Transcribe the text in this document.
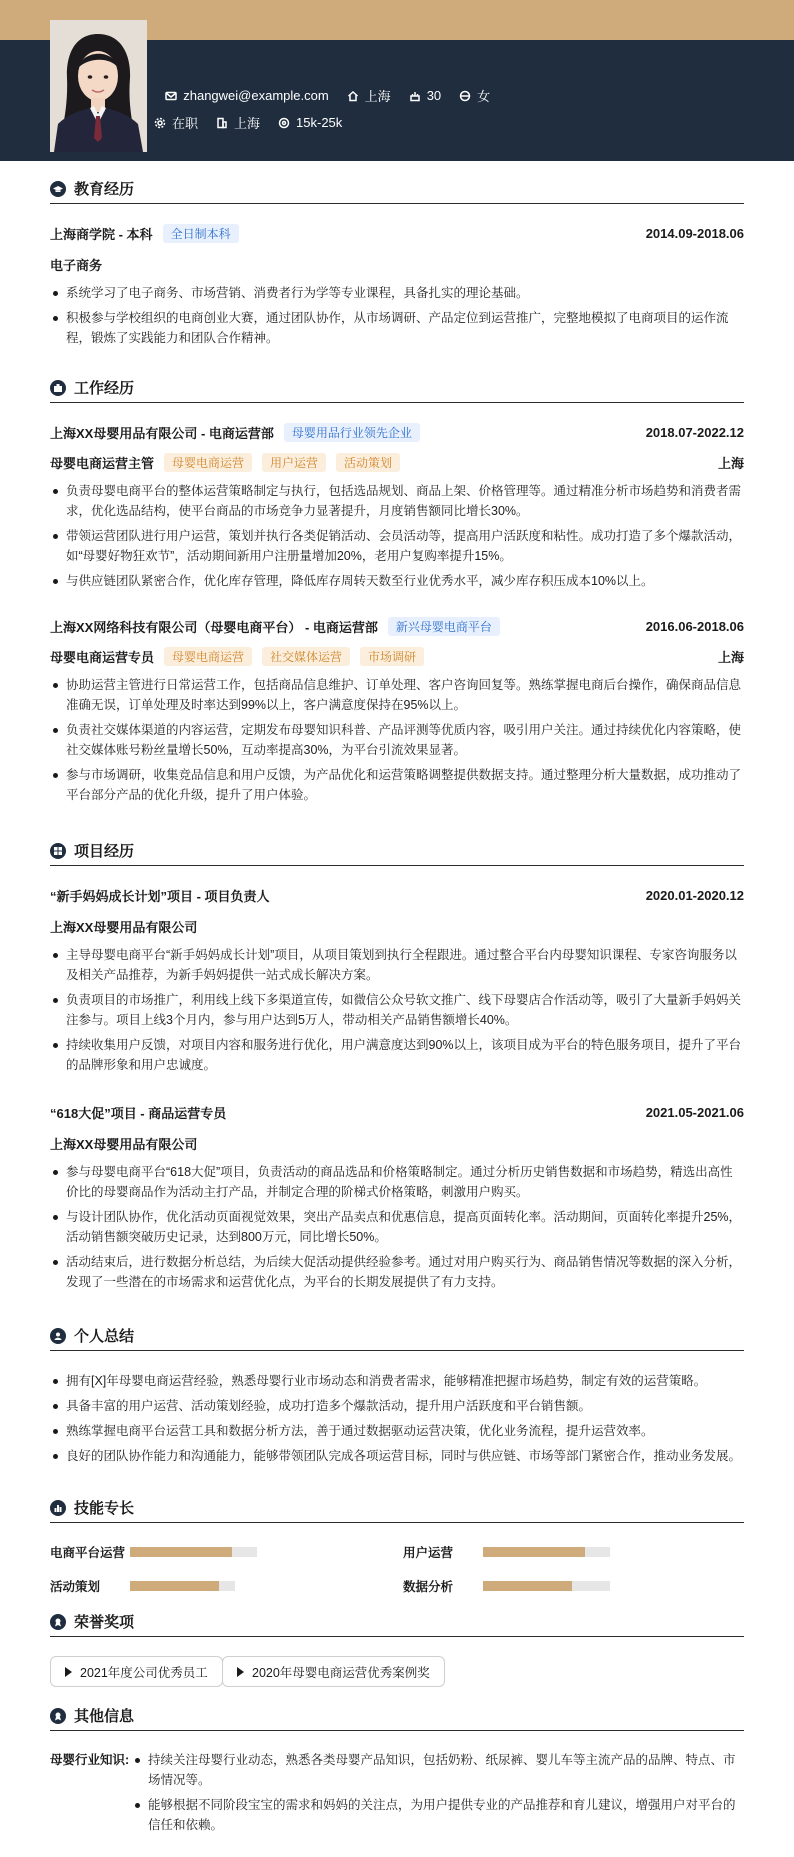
zhangwei@example.com	上海	30	女
在职	上海	15k-25k
教育经历
上海商学院 - 本科	全日制本科	2014.09-2018.06
电子商务
系统学习了电子商务、市场营销、消费者行为学等专业课程，具备扎实的理论基础。
积极参与学校组织的电商创业大赛，通过团队协作，从市场调研、产品定位到运营推广，完整地模拟了电商项目的运作流程，锻炼了实践能力和团队合作精神。
工作经历
上海XX母婴用品有限公司 - 电商运营部	母婴用品行业领先企业	2018.07-2022.12
母婴电商运营主管	母婴电商运营	用户运营	活动策划	上海
负责母婴电商平台的整体运营策略制定与执行，包括选品规划、商品上架、价格管理等。通过精准分析市场趋势和消费者需求，优化选品结构，使平台商品的市场竞争力显著提升，月度销售额同比增长30%。
带领运营团队进行用户运营，策划并执行各类促销活动、会员活动等，提高用户活跃度和粘性。成功打造了多个爆款活动，如“母婴好物狂欢节”，活动期间新用户注册量增加20%，老用户复购率提升15%。
与供应链团队紧密合作，优化库存管理，降低库存周转天数至行业优秀水平，减少库存积压成本10%以上。
上海XX网络科技有限公司（母婴电商平台） - 电商运营部	新兴母婴电商平台	2016.06-2018.06
母婴电商运营专员	母婴电商运营	社交媒体运营	市场调研	上海
协助运营主管进行日常运营工作，包括商品信息维护、订单处理、客户咨询回复等。熟练掌握电商后台操作，确保商品信息准确无误，订单处理及时率达到99%以上，客户满意度保持在95%以上。
负责社交媒体渠道的内容运营，定期发布母婴知识科普、产品评测等优质内容，吸引用户关注。通过持续优化内容策略，使社交媒体账号粉丝量增长50%，互动率提高30%，为平台引流效果显著。
参与市场调研，收集竞品信息和用户反馈，为产品优化和运营策略调整提供数据支持。通过整理分析大量数据，成功推动了平台部分产品的优化升级，提升了用户体验。
项目经历
“新手妈妈成长计划”项目 - 项目负责人	2020.01-2020.12
上海XX母婴用品有限公司
主导母婴电商平台“新手妈妈成长计划”项目，从项目策划到执行全程跟进。通过整合平台内母婴知识课程、专家咨询服务以及相关产品推荐，为新手妈妈提供一站式成长解决方案。
负责项目的市场推广，利用线上线下多渠道宣传，如微信公众号软文推广、线下母婴店合作活动等，吸引了大量新手妈妈关注参与。项目上线3个月内，参与用户达到5万人，带动相关产品销售额增长40%。
持续收集用户反馈，对项目内容和服务进行优化，用户满意度达到90%以上，该项目成为平台的特色服务项目，提升了平台的品牌形象和用户忠诚度。
“618大促”项目 - 商品运营专员	2021.05-2021.06
上海XX母婴用品有限公司
参与母婴电商平台“618大促”项目，负责活动的商品选品和价格策略制定。通过分析历史销售数据和市场趋势，精选出高性价比的母婴商品作为活动主打产品，并制定合理的阶梯式价格策略，刺激用户购买。
与设计团队协作，优化活动页面视觉效果，突出产品卖点和优惠信息，提高页面转化率。活动期间，页面转化率提升25%，活动销售额突破历史记录，达到800万元，同比增长50%。
活动结束后，进行数据分析总结，为后续大促活动提供经验参考。通过对用户购买行为、商品销售情况等数据的深入分析，发现了一些潜在的市场需求和运营优化点，为平台的长期发展提供了有力支持。
个人总结
拥有[X]年母婴电商运营经验，熟悉母婴行业市场动态和消费者需求，能够精准把握市场趋势，制定有效的运营策略。
具备丰富的用户运营、活动策划经验，成功打造多个爆款活动，提升用户活跃度和平台销售额。
熟练掌握电商平台运营工具和数据分析方法，善于通过数据驱动运营决策，优化业务流程，提升运营效率。
良好的团队协作能力和沟通能力，能够带领团队完成各项运营目标，同时与供应链、市场等部门紧密合作，推动业务发展。
技能专长
电商平台运营	用户运营
活动策划	数据分析
荣誉奖项
2021年度公司优秀员工	2020年母婴电商运营优秀案例奖
其他信息
母婴行业知识:	持续关注母婴行业动态，熟悉各类母婴产品知识，包括奶粉、纸尿裤、婴儿车等主流产品的品牌、特点、市场情况等。
能够根据不同阶段宝宝的需求和妈妈的关注点，为用户提供专业的产品推荐和育儿建议，增强用户对平台的信任和依赖。
